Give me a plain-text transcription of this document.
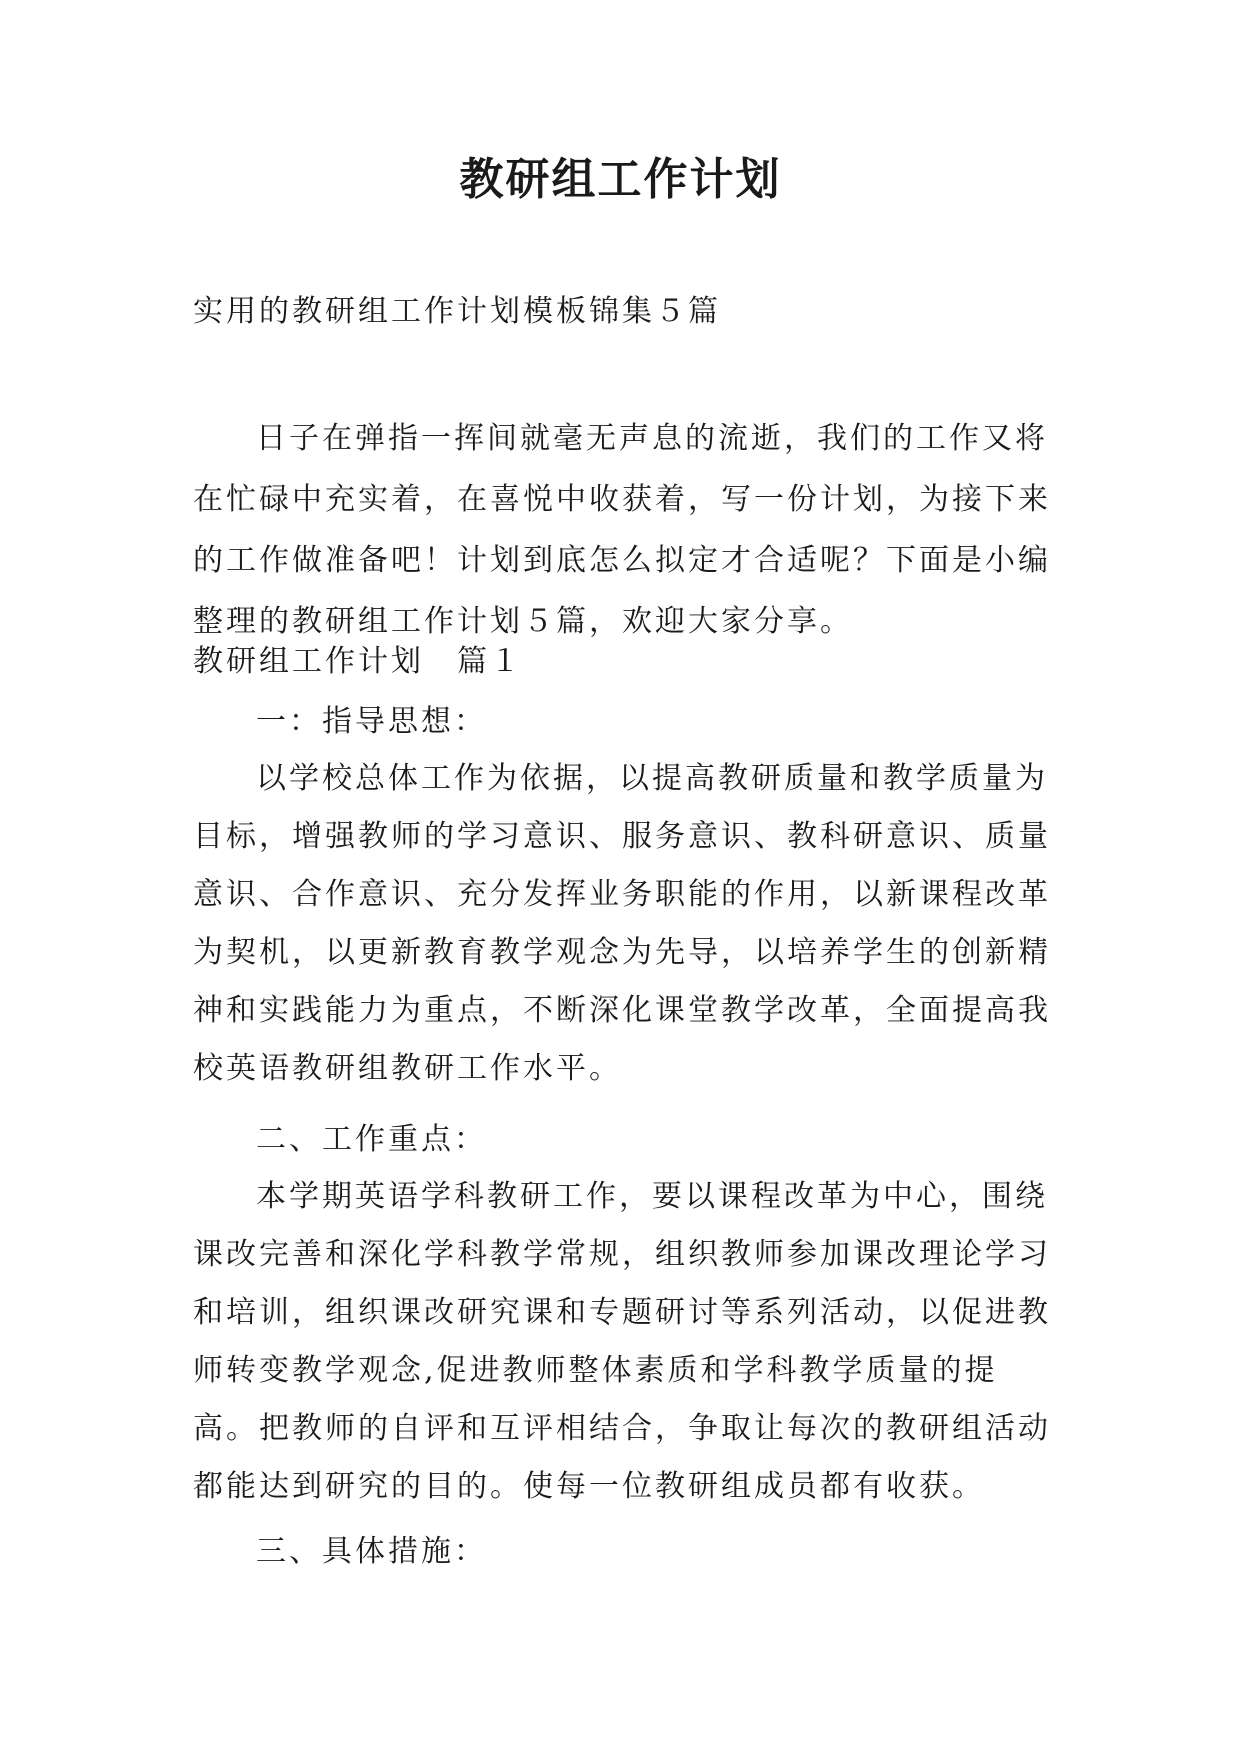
教研组工作计划

实用的教研组工作计划模板锦集５篇

日子在弹指一挥间就毫无声息的流逝，我们的工作又将在忙碌中充实着，在喜悦中收获着，写一份计划，为接下来的工作做准备吧！计划到底怎么拟定才合适呢？下面是小编整理的教研组工作计划５篇，欢迎大家分享。

教研组工作计划　篇１

一：指导思想：

以学校总体工作为依据，以提高教研质量和教学质量为目标，增强教师的学习意识、服务意识、教科研意识、质量意识、合作意识、充分发挥业务职能的作用，以新课程改革为契机，以更新教育教学观念为先导，以培养学生的创新精神和实践能力为重点，不断深化课堂教学改革，全面提高我校英语教研组教研工作水平。

二、工作重点：

本学期英语学科教研工作，要以课程改革为中心，围绕课改完善和深化学科教学常规，组织教师参加课改理论学习和培训，组织课改研究课和专题研讨等系列活动，以促进教师转变教学观念,促进教师整体素质和学科教学质量的提高。把教师的自评和互评相结合，争取让每次的教研组活动都能达到研究的目的。使每一位教研组成员都有收获。

三、具体措施：
